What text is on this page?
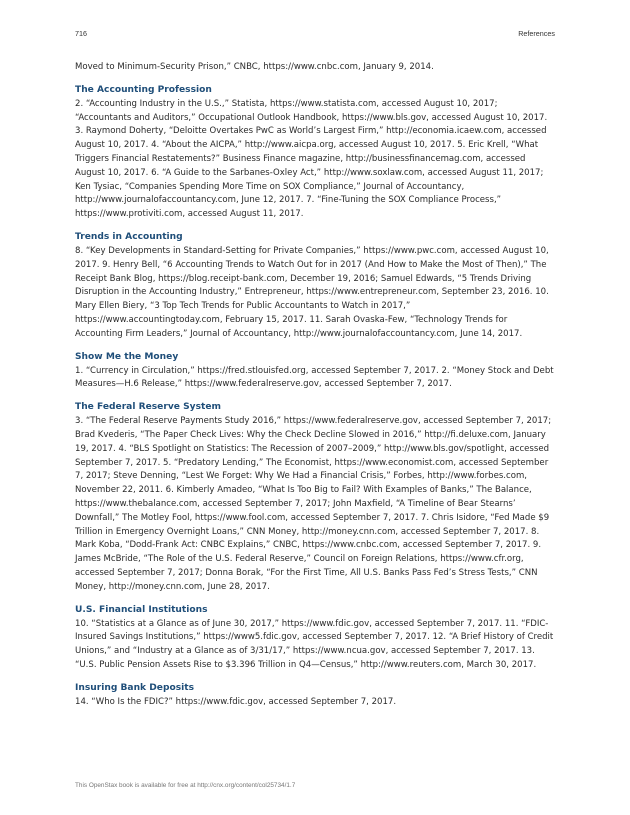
716	References

Moved to Minimum-Security Prison,” CNBC, https://www.cnbc.com, January 9, 2014.

The Accounting Profession

2. “Accounting Industry in the U.S.,” Statista, https://www.statista.com, accessed August 10, 2017; “Accountants and Auditors,” Occupational Outlook Handbook, https://www.bls.gov, accessed August 10, 2017. 3. Raymond Doherty, “Deloitte Overtakes PwC as World’s Largest Firm,” http://economia.icaew.com, accessed August 10, 2017. 4. “About the AICPA,” http://www.aicpa.org, accessed August 10, 2017. 5. Eric Krell, “What Triggers Financial Restatements?” Business Finance magazine, http://businessfinancemag.com, accessed August 10, 2017. 6. “A Guide to the Sarbanes-Oxley Act,” http://www.soxlaw.com, accessed August 11, 2017; Ken Tysiac, “Companies Spending More Time on SOX Compliance,” Journal of Accountancy, http://www.journalofaccountancy.com, June 12, 2017. 7. “Fine-Tuning the SOX Compliance Process,” https://www.protiviti.com, accessed August 11, 2017.

Trends in Accounting

8. “Key Developments in Standard-Setting for Private Companies,” https://www.pwc.com, accessed August 10, 2017. 9. Henry Bell, “6 Accounting Trends to Watch Out for in 2017 (And How to Make the Most of Then),” The Receipt Bank Blog, https://blog.receipt-bank.com, December 19, 2016; Samuel Edwards, “5 Trends Driving Disruption in the Accounting Industry,” Entrepreneur, https://www.entrepreneur.com, September 23, 2016. 10. Mary Ellen Biery, “3 Top Tech Trends for Public Accountants to Watch in 2017,” https://www.accountingtoday.com, February 15, 2017. 11. Sarah Ovaska-Few, “Technology Trends for Accounting Firm Leaders,” Journal of Accountancy, http://www.journalofaccountancy.com, June 14, 2017.

Show Me the Money

1. “Currency in Circulation,” https://fred.stlouisfed.org, accessed September 7, 2017. 2. “Money Stock and Debt Measures—H.6 Release,” https://www.federalreserve.gov, accessed September 7, 2017.

The Federal Reserve System

3. “The Federal Reserve Payments Study 2016,” https://www.federalreserve.gov, accessed September 7, 2017; Brad Kvederis, “The Paper Check Lives: Why the Check Decline Slowed in 2016,” http://fi.deluxe.com, January 19, 2017. 4. “BLS Spotlight on Statistics: The Recession of 2007–2009,” http://www.bls.gov/spotlight, accessed September 7, 2017. 5. “Predatory Lending,” The Economist, https://www.economist.com, accessed September 7, 2017; Steve Denning, “Lest We Forget: Why We Had a Financial Crisis,” Forbes, http://www.forbes.com, November 22, 2011. 6. Kimberly Amadeo, “What Is Too Big to Fail? With Examples of Banks,” The Balance, https://www.thebalance.com, accessed September 7, 2017; John Maxfield, “A Timeline of Bear Stearns’ Downfall,” The Motley Fool, https://www.fool.com, accessed September 7, 2017. 7. Chris Isidore, “Fed Made $9 Trillion in Emergency Overnight Loans,” CNN Money, http://money.cnn.com, accessed September 7, 2017. 8. Mark Koba, “Dodd-Frank Act: CNBC Explains,” CNBC, https://www.cnbc.com, accessed September 7, 2017. 9. James McBride, “The Role of the U.S. Federal Reserve,” Council on Foreign Relations, https://www.cfr.org, accessed September 7, 2017; Donna Borak, “For the First Time, All U.S. Banks Pass Fed’s Stress Tests,” CNN Money, http://money.cnn.com, June 28, 2017.

U.S. Financial Institutions

10. “Statistics at a Glance as of June 30, 2017,” https://www.fdic.gov, accessed September 7, 2017. 11. “FDIC-Insured Savings Institutions,” https://www5.fdic.gov, accessed September 7, 2017. 12. “A Brief History of Credit Unions,” and “Industry at a Glance as of 3/31/17,” https://www.ncua.gov, accessed September 7, 2017. 13. “U.S. Public Pension Assets Rise to $3.396 Trillion in Q4—Census,” http://www.reuters.com, March 30, 2017.

Insuring Bank Deposits

14. “Who Is the FDIC?” https://www.fdic.gov, accessed September 7, 2017.

This OpenStax book is available for free at http://cnx.org/content/col25734/1.7
